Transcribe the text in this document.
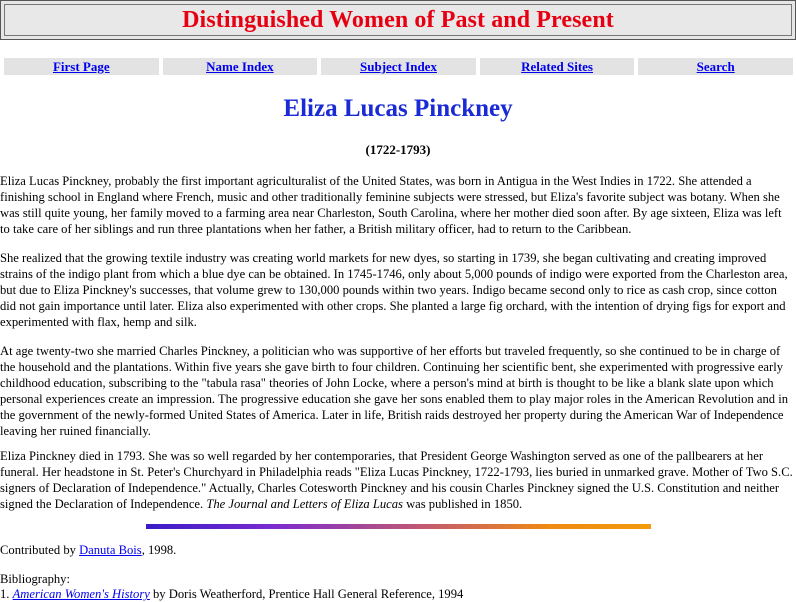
Distinguished Women of Past and Present
First Page	Name Index	Subject Index	Related Sites	Search
Eliza Lucas Pinckney
(1722-1793)

Eliza Lucas Pinckney, probably the first important agriculturalist of the United States, was born in Antigua in the West Indies in 1722. She attended a finishing school in England where French, music and other traditionally feminine subjects were stressed, but Eliza's favorite subject was botany. When she was still quite young, her family moved to a farming area near Charleston, South Carolina, where her mother died soon after. By age sixteen, Eliza was left to take care of her siblings and run three plantations when her father, a British military officer, had to return to the Caribbean.

She realized that the growing textile industry was creating world markets for new dyes, so starting in 1739, she began cultivating and creating improved strains of the indigo plant from which a blue dye can be obtained. In 1745-1746, only about 5,000 pounds of indigo were exported from the Charleston area, but due to Eliza Pinckney's successes, that volume grew to 130,000 pounds within two years. Indigo became second only to rice as cash crop, since cotton did not gain importance until later. Eliza also experimented with other crops. She planted a large fig orchard, with the intention of drying figs for export and experimented with flax, hemp and silk.

At age twenty-two she married Charles Pinckney, a politician who was supportive of her efforts but traveled frequently, so she continued to be in charge of the household and the plantations. Within five years she gave birth to four children. Continuing her scientific bent, she experimented with progressive early childhood education, subscribing to the "tabula rasa" theories of John Locke, where a person's mind at birth is thought to be like a blank slate upon which personal experiences create an impression. The progressive education she gave her sons enabled them to play major roles in the American Revolution and in the government of the newly-formed United States of America. Later in life, British raids destroyed her property during the American War of Independence leaving her ruined financially.

Eliza Pinckney died in 1793. She was so well regarded by her contemporaries, that President George Washington served as one of the pallbearers at her funeral. Her headstone in St. Peter's Churchyard in Philadelphia reads "Eliza Lucas Pinckney, 1722-1793, lies buried in unmarked grave. Mother of Two S.C. signers of Declaration of Independence." Actually, Charles Cotesworth Pinckney and his cousin Charles Pinckney signed the U.S. Constitution and neither signed the Declaration of Independence. The Journal and Letters of Eliza Lucas was published in 1850.

Contributed by Danuta Bois, 1998.

Bibliography:

1. American Women's History by Doris Weatherford, Prentice Hall General Reference, 1994
